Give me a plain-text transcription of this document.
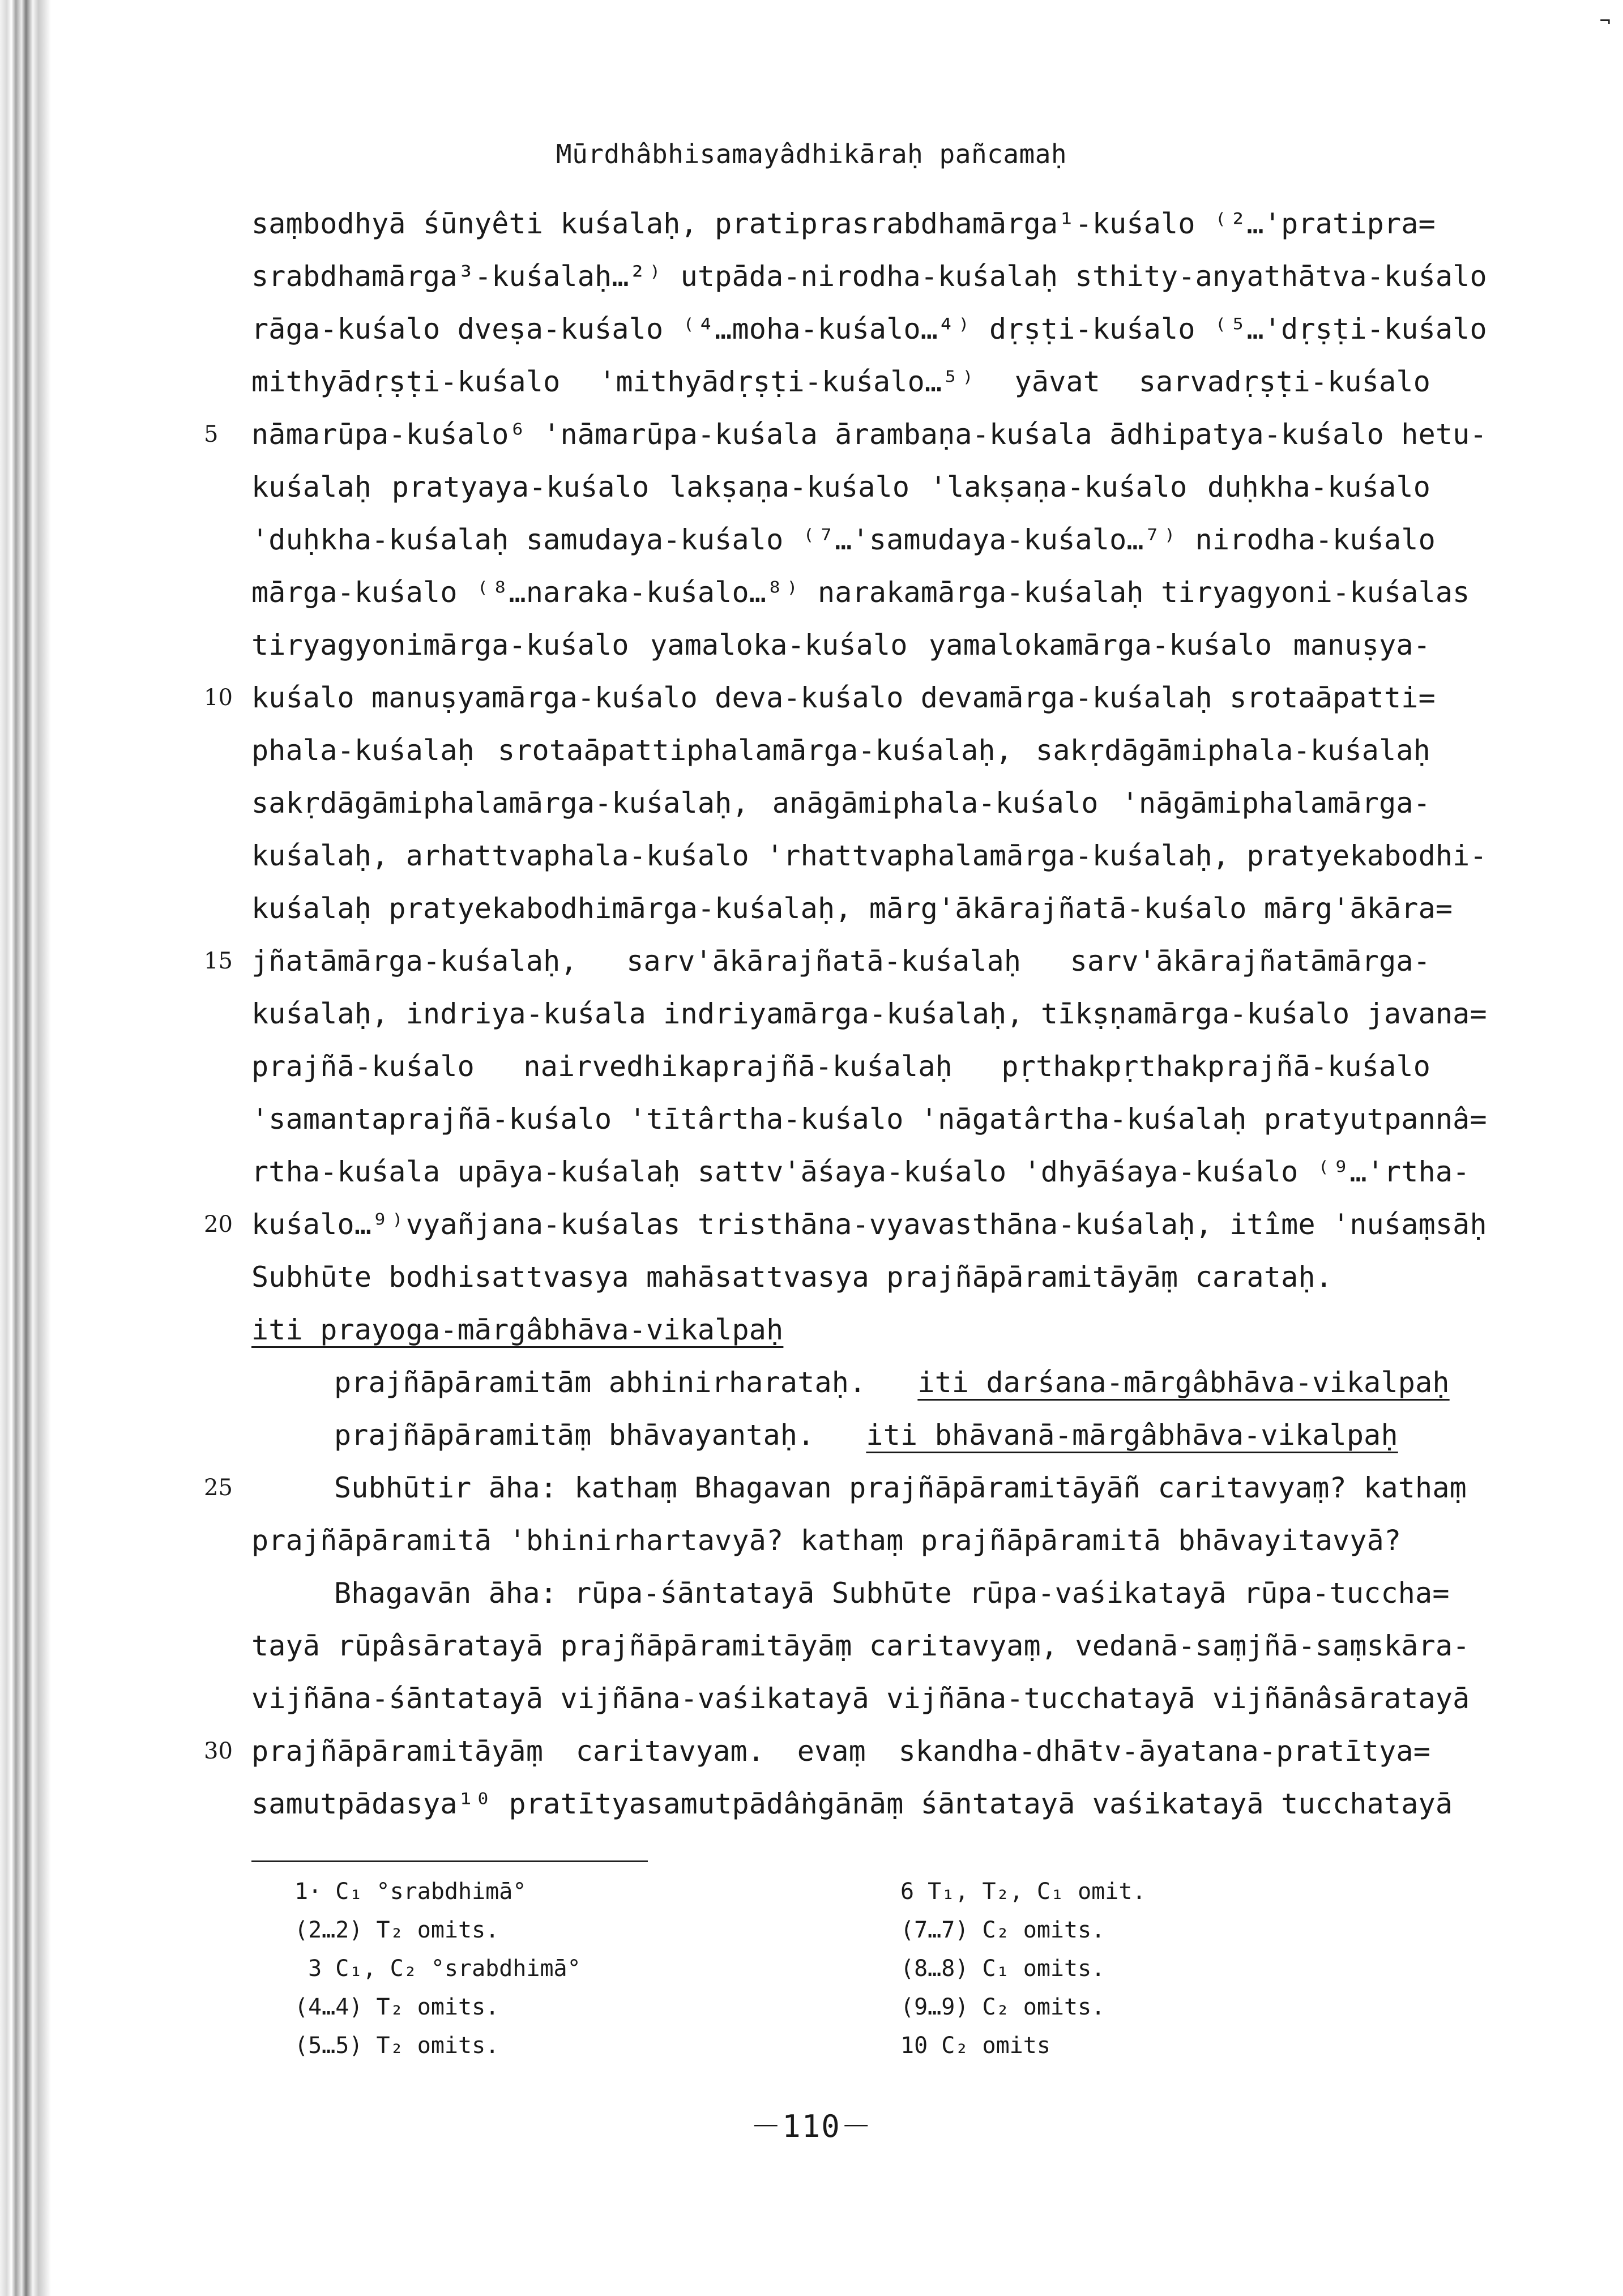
¬
Mūrdhâbhisamayâdhikāraḥ pañcamaḥ
saṃbodhyā śūnyêti kuśalaḥ, pratiprasrabdhamārga¹-kuśalo ⁽²…'pratipra=
srabdhamārga³-kuśalaḥ…²⁾ utpāda-nirodha-kuśalaḥ sthity-anyathātva-kuśalo
rāga-kuśalo dveṣa-kuśalo ⁽⁴…moha-kuśalo…⁴⁾ dṛṣṭi-kuśalo ⁽⁵…'dṛṣṭi-kuśalo
mithyādṛṣṭi-kuśalo 'mithyādṛṣṭi-kuśalo…⁵⁾ yāvat sarvadṛṣṭi-kuśalo
nāmarūpa-kuśalo⁶ 'nāmarūpa-kuśala ārambaṇa-kuśala ādhipatya-kuśalo hetu-
kuśalaḥ pratyaya-kuśalo lakṣaṇa-kuśalo 'lakṣaṇa-kuśalo duḥkha-kuśalo
'duḥkha-kuśalaḥ samudaya-kuśalo ⁽⁷…'samudaya-kuśalo…⁷⁾ nirodha-kuśalo
mārga-kuśalo ⁽⁸…naraka-kuśalo…⁸⁾ narakamārga-kuśalaḥ tiryagyoni-kuśalas
tiryagyonimārga-kuśalo yamaloka-kuśalo yamalokamārga-kuśalo manuṣya-
kuśalo manuṣyamārga-kuśalo deva-kuśalo devamārga-kuśalaḥ srotaāpatti=
phala-kuśalaḥ srotaāpattiphalamārga-kuśalaḥ, sakṛdāgāmiphala-kuśalaḥ
sakṛdāgāmiphalamārga-kuśalaḥ, anāgāmiphala-kuśalo 'nāgāmiphalamārga-
kuśalaḥ, arhattvaphala-kuśalo 'rhattvaphalamārga-kuśalaḥ, pratyekabodhi-
kuśalaḥ pratyekabodhimārga-kuśalaḥ, mārg'ākārajñatā-kuśalo mārg'ākāra=
jñatāmārga-kuśalaḥ, sarv'ākārajñatā-kuśalaḥ sarv'ākārajñatāmārga-
kuśalaḥ, indriya-kuśala indriyamārga-kuśalaḥ, tīkṣṇamārga-kuśalo javana=
prajñā-kuśalo nairvedhikaprajñā-kuśalaḥ pṛthakpṛthakprajñā-kuśalo
'samantaprajñā-kuśalo 'tītârtha-kuśalo 'nāgatârtha-kuśalaḥ pratyutpannâ=
rtha-kuśala upāya-kuśalaḥ sattv'āśaya-kuśalo 'dhyāśaya-kuśalo ⁽⁹…'rtha-
kuśalo…⁹⁾vyañjana-kuśalas tristhāna-vyavasthāna-kuśalaḥ, itîme 'nuśaṃsāḥ
Subhūte bodhisattvasya mahāsattvasya prajñāpāramitāyāṃ carataḥ.
iti prayoga-mārgâbhāva-vikalpaḥ
prajñāpāramitām abhinirharataḥ. iti darśana-mārgâbhāva-vikalpaḥ
prajñāpāramitāṃ bhāvayantaḥ. iti bhāvanā-mārgâbhāva-vikalpaḥ
Subhūtir āha: kathaṃ Bhagavan prajñāpāramitāyāñ caritavyaṃ? kathaṃ
prajñāpāramitā 'bhinirhartavyā? kathaṃ prajñāpāramitā bhāvayitavyā?
Bhagavān āha: rūpa-śāntatayā Subhūte rūpa-vaśikatayā rūpa-tuccha=
tayā rūpâsāratayā prajñāpāramitāyāṃ caritavyaṃ, vedanā-saṃjñā-saṃskāra-
vijñāna-śāntatayā vijñāna-vaśikatayā vijñāna-tucchatayā vijñānâsāratayā
prajñāpāramitāyāṃ caritavyam. evaṃ skandha-dhātv-āyatana-pratītya=
samutpādasya¹⁰ pratītyasamutpādâṅgānāṃ śāntatayā vaśikatayā tucchatayā
5
10
15
20
25
30
1· C₁ °srabdhimā°
(2…2) T₂ omits.
3 C₁, C₂ °srabdhimā°
(4…4) T₂ omits.
(5…5) T₂ omits.
6 T₁, T₂, C₁ omit.
(7…7) C₂ omits.
(8…8) C₁ omits.
(9…9) C₂ omits.
10 C₂ omits
－110－
